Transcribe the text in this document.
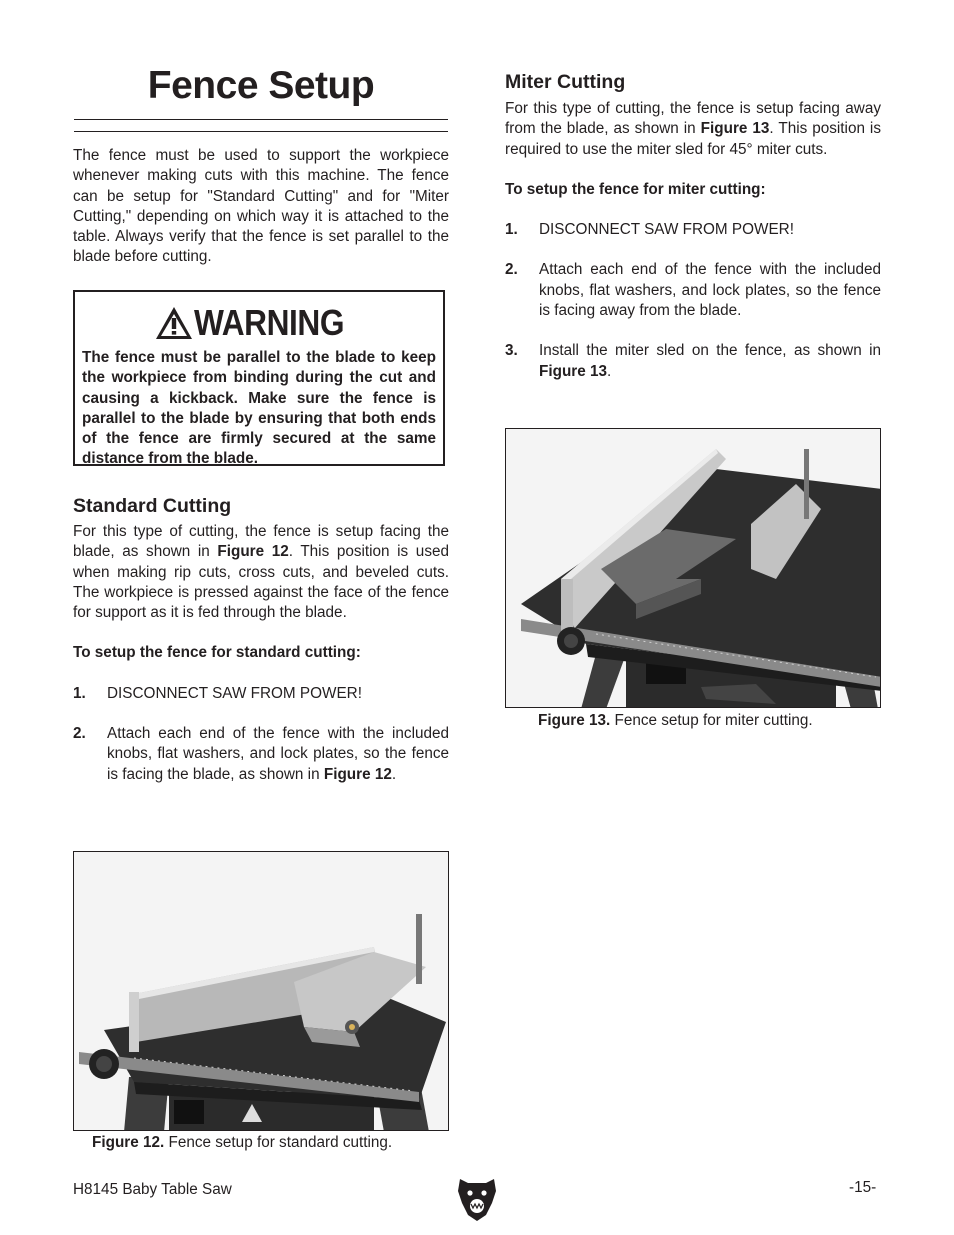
Fence Setup

The fence must be used to support the workpiece whenever making cuts with this machine. The fence can be setup for "Standard Cutting" and for "Miter Cutting," depending on which way it is attached to the table. Always verify that the fence is set parallel to the blade before cutting.

WARNING

The fence must be parallel to the blade to keep the workpiece from binding during the cut and causing a kickback. Make sure the fence is parallel to the blade by ensuring that both ends of the fence are firmly secured at the same distance from the blade.

Standard Cutting

For this type of cutting, the fence is setup facing the blade, as shown in Figure 12. This position is used when making rip cuts, cross cuts, and beveled cuts. The workpiece is pressed against the face of the fence for support as it is fed through the blade.

To setup the fence for standard cutting:

1. DISCONNECT SAW FROM POWER!
2. Attach each end of the fence with the included knobs, flat washers, and lock plates, so the fence is facing the blade, as shown in Figure 12.
Figure 12. Fence setup for standard cutting.
Miter Cutting

For this type of cutting, the fence is setup facing away from the blade, as shown in Figure 13. This position is required to use the miter sled for 45° miter cuts.

To setup the fence for miter cutting:

1. DISCONNECT SAW FROM POWER!
2. Attach each end of the fence with the included knobs, flat washers, and lock plates, so the fence is facing away from the blade.
3. Install the miter sled on the fence, as shown in Figure 13.
Figure 13. Fence setup for miter cutting.
H8145 Baby Table Saw	-15-
